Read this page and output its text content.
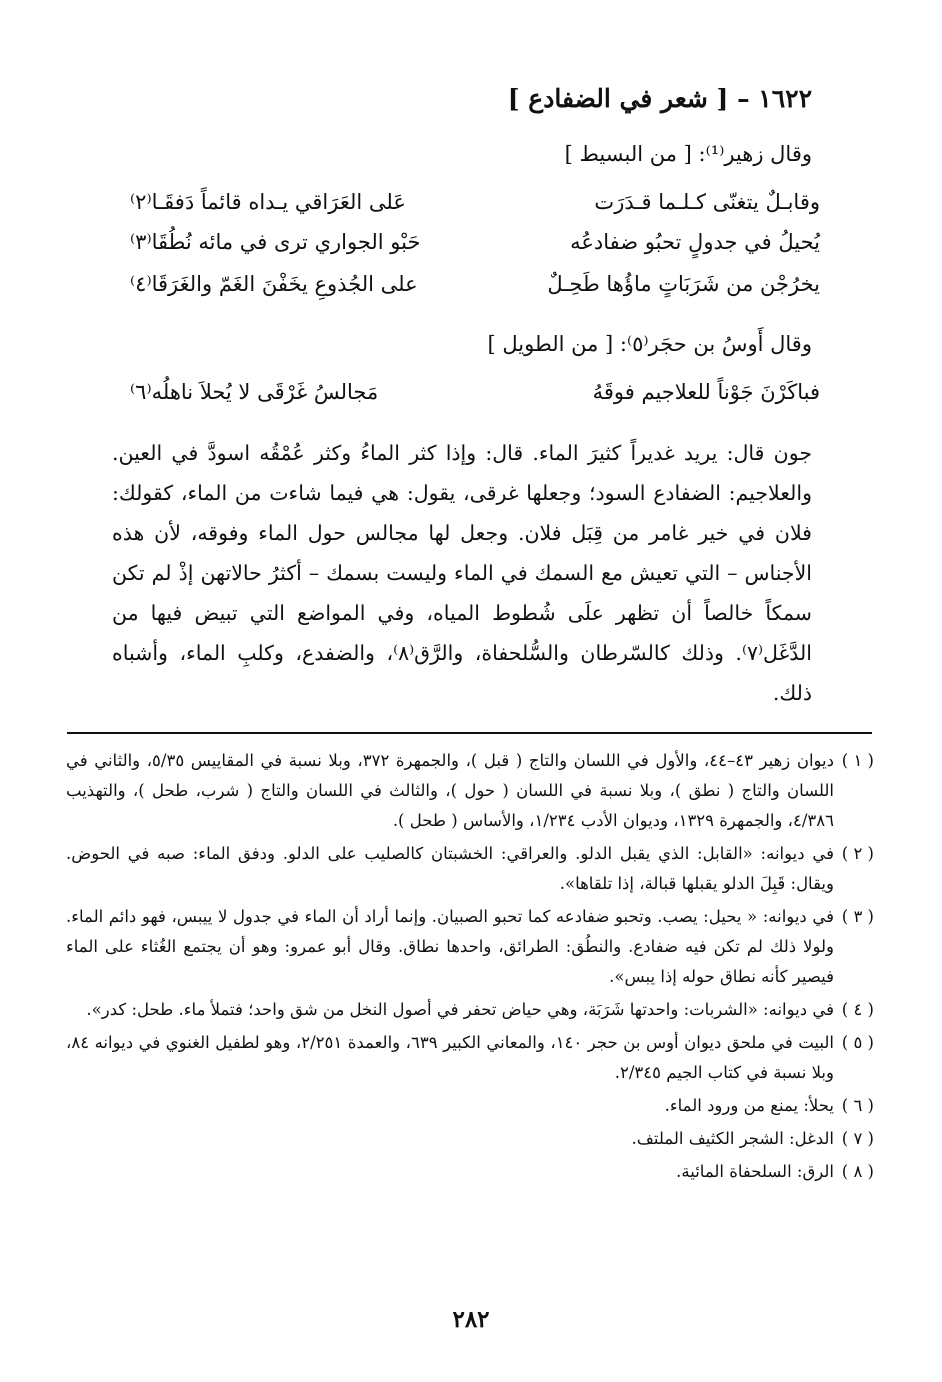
١٦٢٢ – [ شعر في الضفادع ]
وقال زهير⁽¹⁾: [ من البسيط ]
وقابـلٌ يتغنّى كـلـما قـدَرَت
عَلى العَرَاقي يـداه قائماً دَفقَـا⁽٢⁾
يُحيلُ في جدولٍ تحبُو ضفادعُه
حَبْو الجواري ترى في مائه نُطُقَا⁽٣⁾
يخرُجْن من شَرَبَاتٍ ماؤُها طَحِـلٌ
على الجُذوعِ يخَفْنَ الغَمّ والغَرَقَا⁽٤⁾
وقال أَوسُ بن حجَر⁽٥⁾: [ من الطويل ]
فباكَرْنَ جَوْناً للعلاجيم فوقَهُ
مَجالسُ غَرْقَى لا يُحلاَ ناهلُه⁽٦⁾
جون قال: يريد غديراً كثيرَ الماء. قال: وإذا كثر الماءُ وكثر عُمْقُه اسودَّ في العين. والعلاجيم: الضفادع السود؛ وجعلها غرقى، يقول: هي فيما شاءت من الماء، كقولك: فلان في خير غامر من قِبَل فلان. وجعل لها مجالس حول الماء وفوقه، لأن هذه الأجناس – التي تعيش مع السمك في الماء وليست بسمك – أكثرُ حالاتهن إذْ لم تكن سمكاً خالصاً أن تظهر علَى شُطوط المياه، وفي المواضع التي تبيض فيها من الدَّغَل⁽٧⁾. وذلك كالسّرطان والسُّلحفاة، والرَّق⁽٨⁾، والضفدع، وكلبِ الماء، وأشباه ذلك.
( ١ )
ديوان زهير ٤٣–٤٤، والأول في اللسان والتاج ( قبل )، والجمهرة ٣٧٢، وبلا نسبة في المقاييس ٥/٣٥، والثاني في اللسان والتاج ( نطق )، وبلا نسبة في اللسان ( حول )، والثالث في اللسان والتاج ( شرب، طحل )، والتهذيب ٤/٣٨٦، والجمهرة ١٣٢٩، وديوان الأدب ١/٢٣٤، والأساس ( طحل ).
( ٢ )
في ديوانه: «القابل: الذي يقبل الدلو. والعراقي: الخشبتان كالصليب على الدلو. ودفق الماء: صبه في الحوض. ويقال: قَبِلَ الدلو يقبلها قبالة، إذا تلقاها».
( ٣ )
في ديوانه: « يحيل: يصب. وتحبو ضفادعه كما تحبو الصبيان. وإنما أراد أن الماء في جدول لا ييبس، فهو دائم الماء. ولولا ذلك لم تكن فيه ضفادع. والنطُق: الطرائق، واحدها نطاق. وقال أبو عمرو: وهو أن يجتمع الغُثاء على الماء فيصير كأنه نطاق حوله إذا يبس».
( ٤ )
في ديوانه: «الشربات: واحدتها شَرَبَة، وهي حياض تحفر في أصول النخل من شق واحد؛ فتملأ ماء. طحل: كدر».
( ٥ )
البيت في ملحق ديوان أوس بن حجر ١٤٠، والمعاني الكبير ٦٣٩، والعمدة ٢/٢٥١، وهو لطفيل الغنوي في ديوانه ٨٤، وبلا نسبة في كتاب الجيم ٢/٣٤٥.
( ٦ )
يحلأ: يمنع من ورود الماء.
( ٧ )
الدغل: الشجر الكثيف الملتف.
( ٨ )
الرق: السلحفاة المائية.
٢٨٢
